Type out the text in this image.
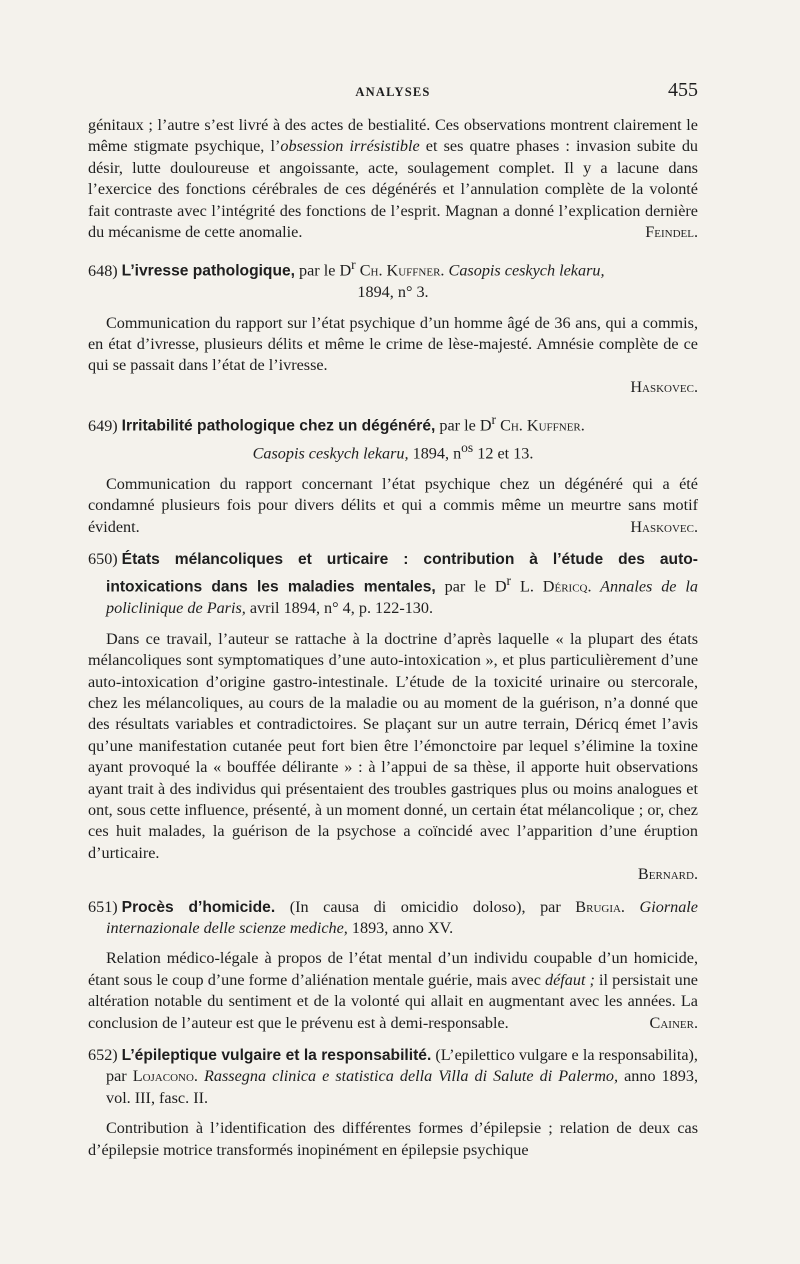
ANALYSES	455

génitaux ; l’autre s’est livré à des actes de bestialité. Ces observations montrent clairement le même stigmate psychique, l’obsession irrésistible et ses quatre phases : invasion subite du désir, lutte douloureuse et angoissante, acte, soulagement complet. Il y a lacune dans l’exercice des fonctions cérébrales de ces dégénérés et l’annulation complète de la volonté fait contraste avec l’intégrité des fonctions de l’esprit. Magnan a donné l’explication dernière du mécanisme de cette anomalie.	Feindel.

648) L’ivresse pathologique, par le $D^r$ Ch. Kuffner. Casopis ceskych lekaru,

1894, n° 3.

Communication du rapport sur l’état psychique d’un homme âgé de 36 ans, qui a commis, en état d’ivresse, plusieurs délits et même le crime de lèse-majesté. Amnésie complète de ce qui se passait dans l’état de l’ivresse.

Haskovec.

649) Irritabilité pathologique chez un dégénéré, par le $D^r$ Ch. Kuffner.

Casopis ceskych lekaru, 1894, $n^{os}$ 12 et 13.

Communication du rapport concernant l’état psychique chez un dégénéré qui a été condamné plusieurs fois pour divers délits et qui a commis même un meurtre sans motif évident.	Haskovec.

650) États mélancoliques et urticaire : contribution à l’étude des auto-intoxications dans les maladies mentales, par le $D^r$ L. Déricq. Annales de la policlinique de Paris, avril 1894, n° 4, p. 122-130.

Dans ce travail, l’auteur se rattache à la doctrine d’après laquelle « la plupart des états mélancoliques sont symptomatiques d’une auto-intoxication », et plus particulièrement d’une auto-intoxication d’origine gastro-intestinale. L’étude de la toxicité urinaire ou stercorale, chez les mélancoliques, au cours de la maladie ou au moment de la guérison, n’a donné que des résultats variables et contradictoires. Se plaçant sur un autre terrain, Déricq émet l’avis qu’une manifestation cutanée peut fort bien être l’émonctoire par lequel s’élimine la toxine ayant provoqué la « bouffée délirante » : à l’appui de sa thèse, il apporte huit observations ayant trait à des individus qui présentaient des troubles gastriques plus ou moins analogues et ont, sous cette influence, présenté, à un moment donné, un certain état mélancolique ; or, chez ces huit malades, la guérison de la psychose a coïncidé avec l’apparition d’une éruption d’urticaire.

Bernard.

651) Procès d’homicide. (In causa di omicidio doloso), par Brugia. Giornale internazionale delle scienze mediche, 1893, anno XV.

Relation médico-légale à propos de l’état mental d’un individu coupable d’un homicide, étant sous le coup d’une forme d’aliénation mentale guérie, mais avec défaut ; il persistait une altération notable du sentiment et de la volonté qui allait en augmentant avec les années. La conclusion de l’auteur est que le prévenu est à demi-responsable.	Cainer.

652) L’épileptique vulgaire et la responsabilité. (L’epilettico vulgare e la responsabilita), par Lojacono. Rassegna clinica e statistica della Villa di Salute di Palermo, anno 1893, vol. III, fasc. II.

Contribution à l’identification des différentes formes d’épilepsie ; relation de deux cas d’épilepsie motrice transformés inopinément en épilepsie psychique
